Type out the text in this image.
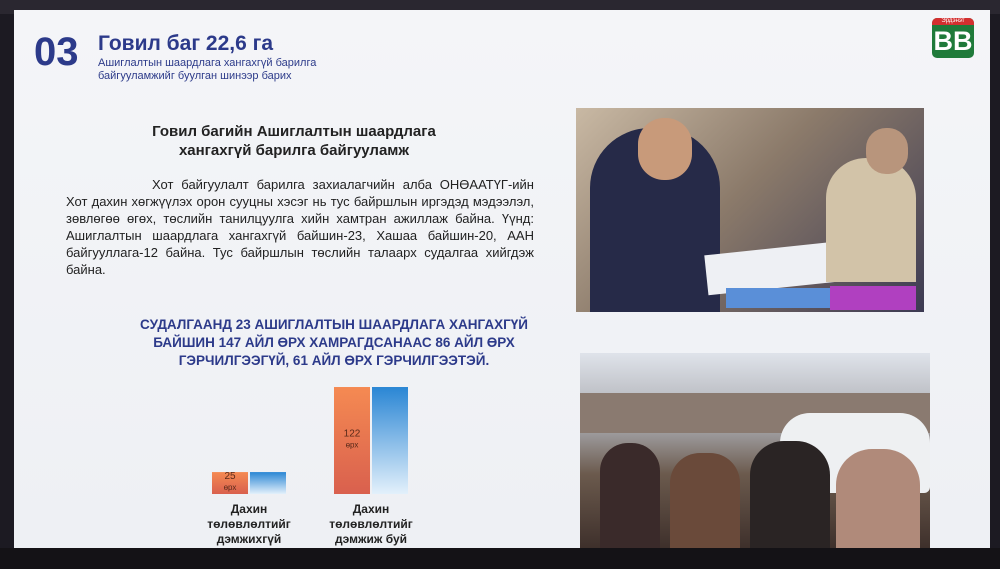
03 Говил баг 22,6 га
Ашиглалтын шаардлага хангахгүй барилга байгууламжийг буулган шинээр барих
Эрдэнэт
BB
Говил багийн Ашиглалтын шаардлага хангахгүй барилга байгууламж
Хот байгуулалт барилга захиалагчийн алба ОНӨААТҮГ-ийн Хот дахин хөгжүүлэх орон сууцны хэсэг нь тус байршлын иргэдэд мэдээлэл, зөвлөгөө өгөх, төслийн танилцуулга хийн хамтран ажиллаж байна. Үүнд: Ашиглалтын шаардлага хангахгүй байшин-23, Хашаа байшин-20, ААН байгууллага-12 байна. Тус байршлын төслийн талаарх судалгаа хийгдэж байна.
СУДАЛГААНД 23 АШИГЛАЛТЫН ШААРДЛАГА ХАНГАХГҮЙ БАЙШИН 147 АЙЛ ӨРХ ХАМРАГДСАНААС 86 АЙЛ ӨРХ ГЭРЧИЛГЭЭГҮЙ, 61 АЙЛ ӨРХ ГЭРЧИЛГЭЭТЭЙ.
25
өрх
122
өрх
Дахин төлөвлөлтийг дэмжихгүй
Дахин төлөвлөлтийг дэмжиж буй
